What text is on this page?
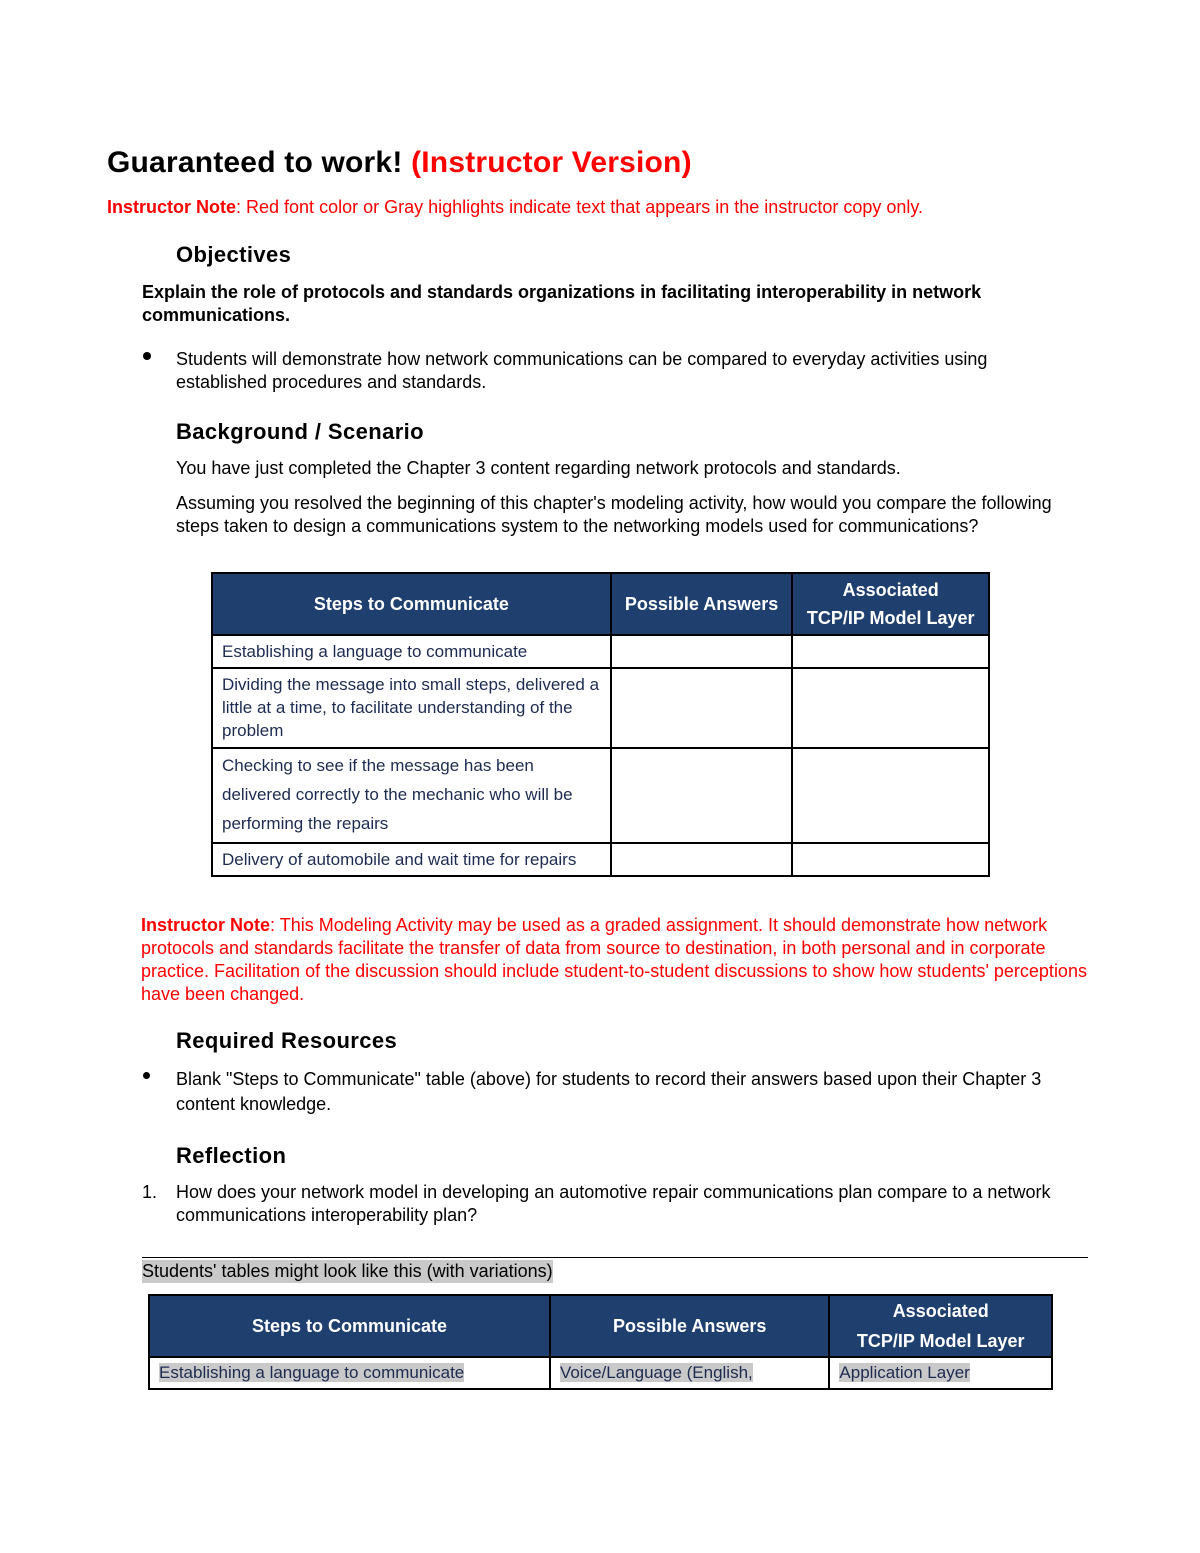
Guaranteed to work! (Instructor Version)
Instructor Note: Red font color or Gray highlights indicate text that appears in the instructor copy only.
Objectives
Explain the role of protocols and standards organizations in facilitating interoperability in network communications.
Students will demonstrate how network communications can be compared to everyday activities using established procedures and standards.
Background / Scenario
You have just completed the Chapter 3 content regarding network protocols and standards.
Assuming you resolved the beginning of this chapter's modeling activity, how would you compare the following steps taken to design a communications system to the networking models used for communications?
Steps to Communicate	Possible Answers	Associated
TCP/IP Model Layer
Establishing a language to communicate		
Dividing the message into small steps, delivered a little at a time, to facilitate understanding of the problem		
Checking to see if the message has been delivered correctly to the mechanic who will be performing the repairs		
Delivery of automobile and wait time for repairs		
Instructor Note: This Modeling Activity may be used as a graded assignment. It should demonstrate how network protocols and standards facilitate the transfer of data from source to destination, in both personal and in corporate practice. Facilitation of the discussion should include student-to-student discussions to show how students' perceptions have been changed.
Required Resources
Blank "Steps to Communicate" table (above) for students to record their answers based upon their Chapter 3 content knowledge.
Reflection
1. How does your network model in developing an automotive repair communications plan compare to a network communications interoperability plan?
Students' tables might look like this (with variations)
Steps to Communicate	Possible Answers	Associated
TCP/IP Model Layer
Establishing a language to communicate	Voice/Language (English,	Application Layer
